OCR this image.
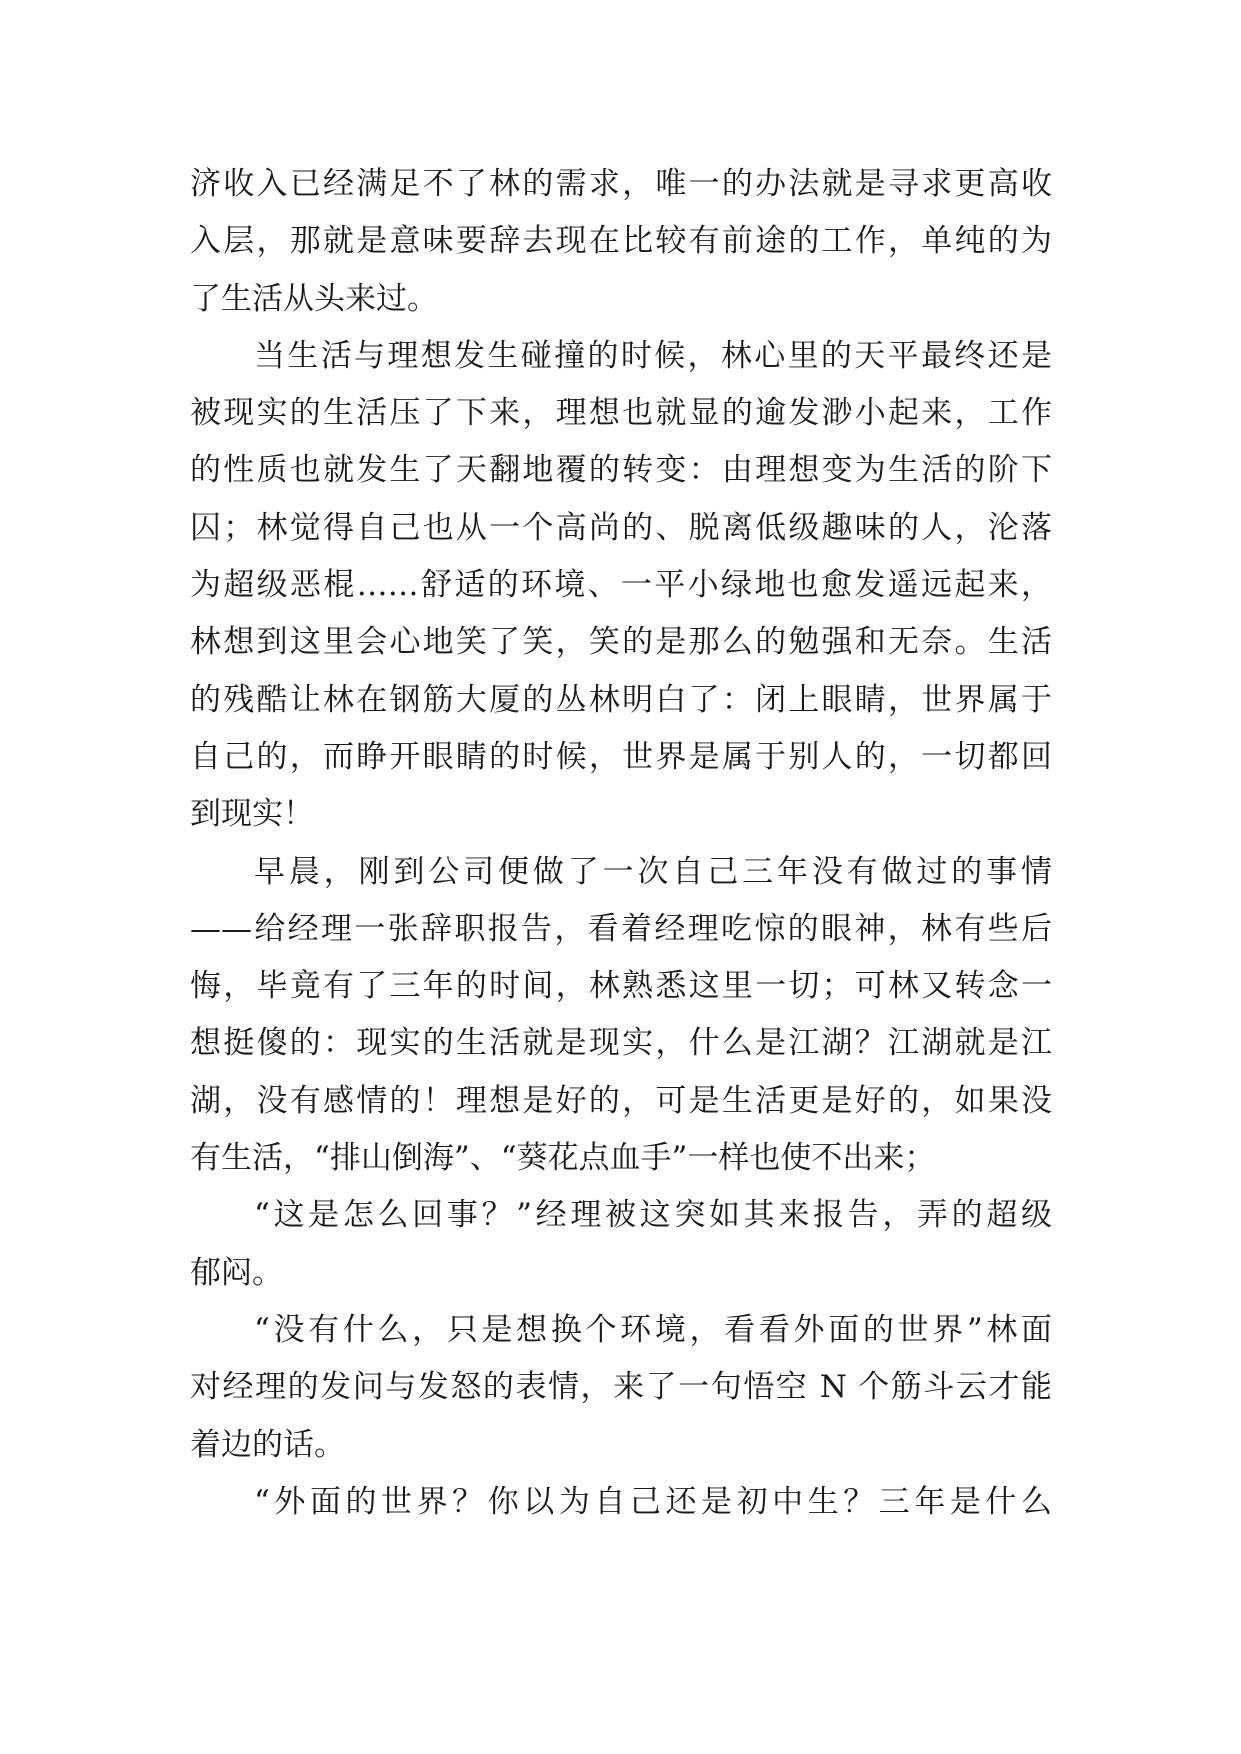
济收入已经满足不了林的需求，唯一的办法就是寻求更高收
入层，那就是意味要辞去现在比较有前途的工作，单纯的为
了生活从头来过。
当生活与理想发生碰撞的时候，林心里的天平最终还是
被现实的生活压了下来，理想也就显的逾发渺小起来，工作
的性质也就发生了天翻地覆的转变：由理想变为生活的阶下
囚；林觉得自己也从一个高尚的、脱离低级趣味的人，沦落
为超级恶棍……舒适的环境、一平小绿地也愈发遥远起来，
林想到这里会心地笑了笑，笑的是那么的勉强和无奈。生活
的残酷让林在钢筋大厦的丛林明白了：闭上眼睛，世界属于
自己的，而睁开眼睛的时候，世界是属于别人的，一切都回
到现实！
早晨，刚到公司便做了一次自己三年没有做过的事情
——给经理一张辞职报告，看着经理吃惊的眼神，林有些后
悔，毕竟有了三年的时间，林熟悉这里一切；可林又转念一
想挺傻的：现实的生活就是现实，什么是江湖？江湖就是江
湖，没有感情的！理想是好的，可是生活更是好的，如果没
有生活，“排山倒海”、“葵花点血手”一样也使不出来；
“这是怎么回事？”经理被这突如其来报告，弄的超级
郁闷。
“没有什么，只是想换个环境，看看外面的世界”林面
对经理的发问与发怒的表情，来了一句悟空 N 个筋斗云才能
着边的话。
“外面的世界？你以为自己还是初中生？三年是什么
